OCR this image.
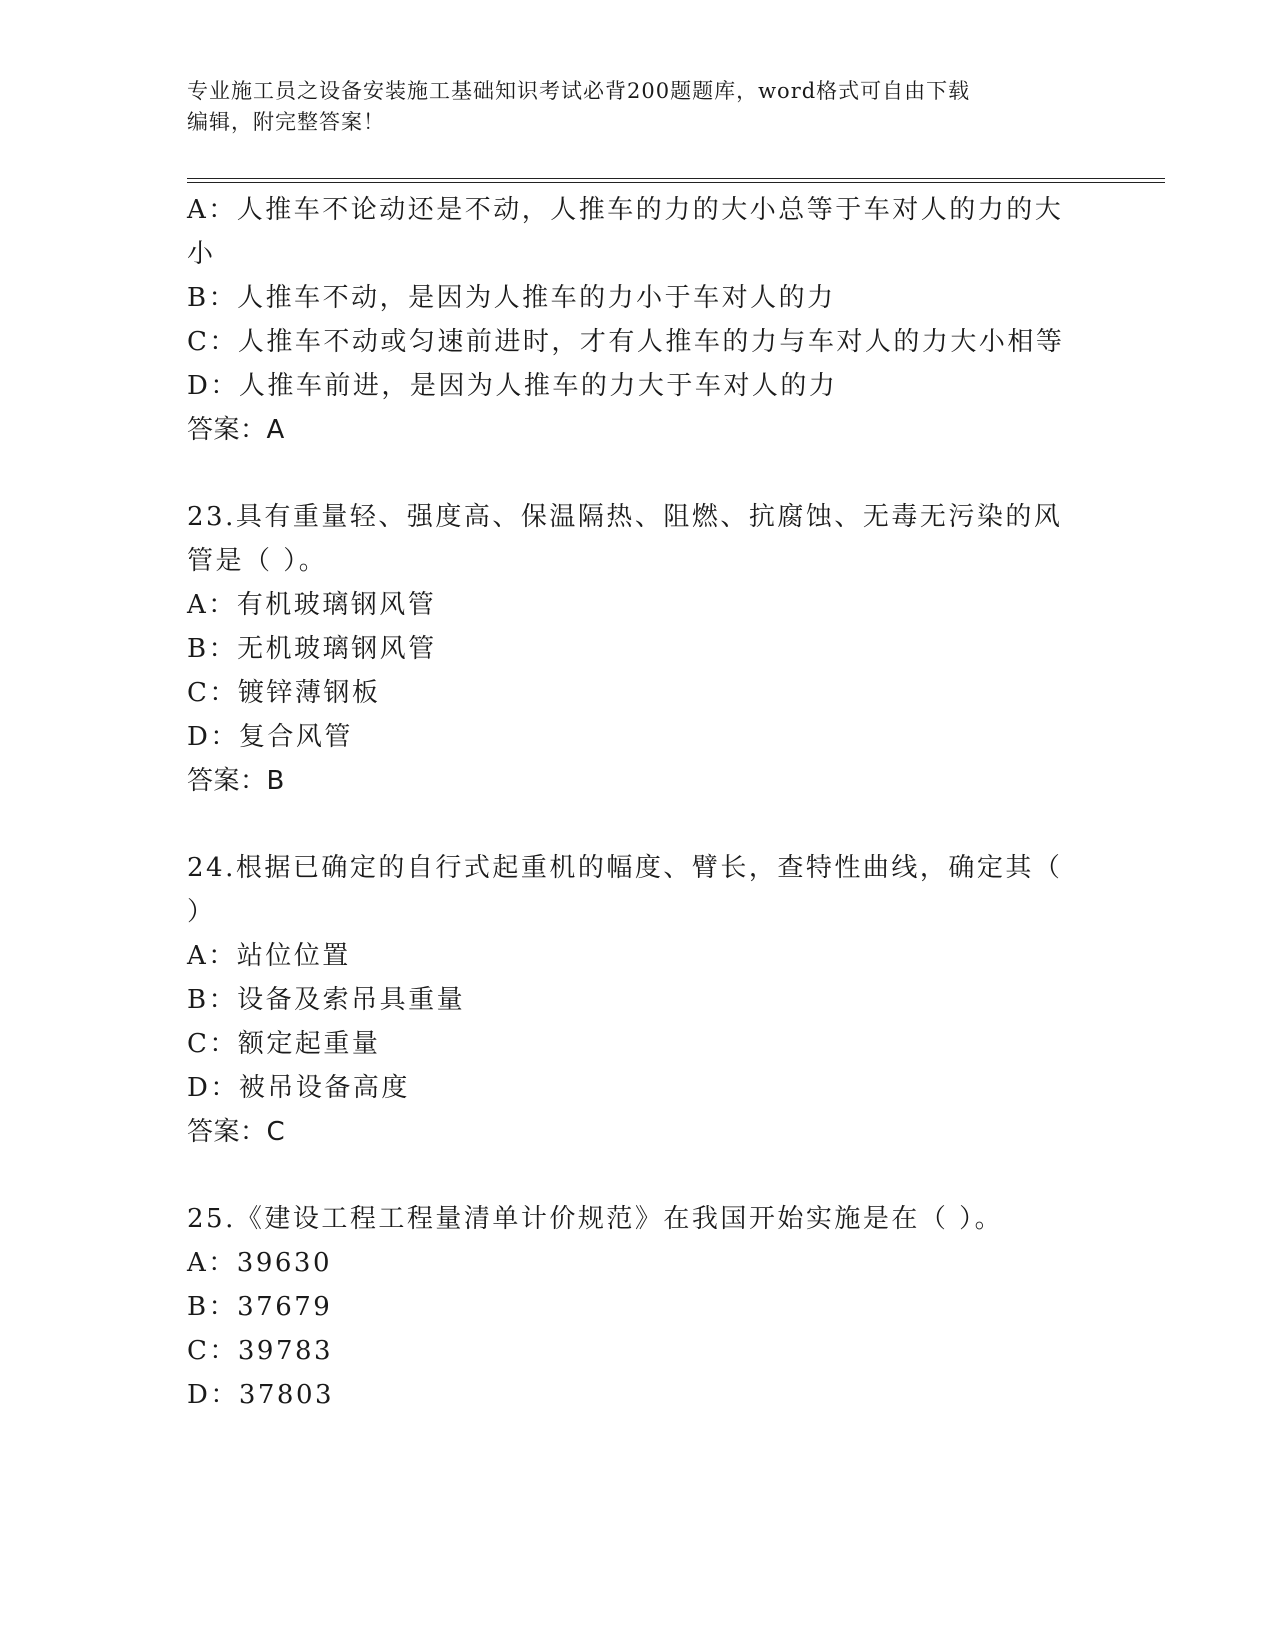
专业施工员之设备安装施工基础知识考试必背200题题库，word格式可自由下载
编辑，附完整答案！

A：人推车不论动还是不动，人推车的力的大小总等于车对人的力的大

小

B：人推车不动，是因为人推车的力小于车对人的力

C：人推车不动或匀速前进时，才有人推车的力与车对人的力大小相等

D：人推车前进，是因为人推车的力大于车对人的力

答案：A

23.具有重量轻、强度高、保温隔热、阻燃、抗腐蚀、无毒无污染的风

管是（ ）。

A：有机玻璃钢风管

B：无机玻璃钢风管

C：镀锌薄钢板

D：复合风管

答案：B

24.根据已确定的自行式起重机的幅度、臂长，查特性曲线，确定其（

）

A：站位位置

B：设备及索吊具重量

C：额定起重量

D：被吊设备高度

答案：C

25.《建设工程工程量清单计价规范》在我国开始实施是在（ ）。

A：39630

B：37679

C：39783

D：37803
